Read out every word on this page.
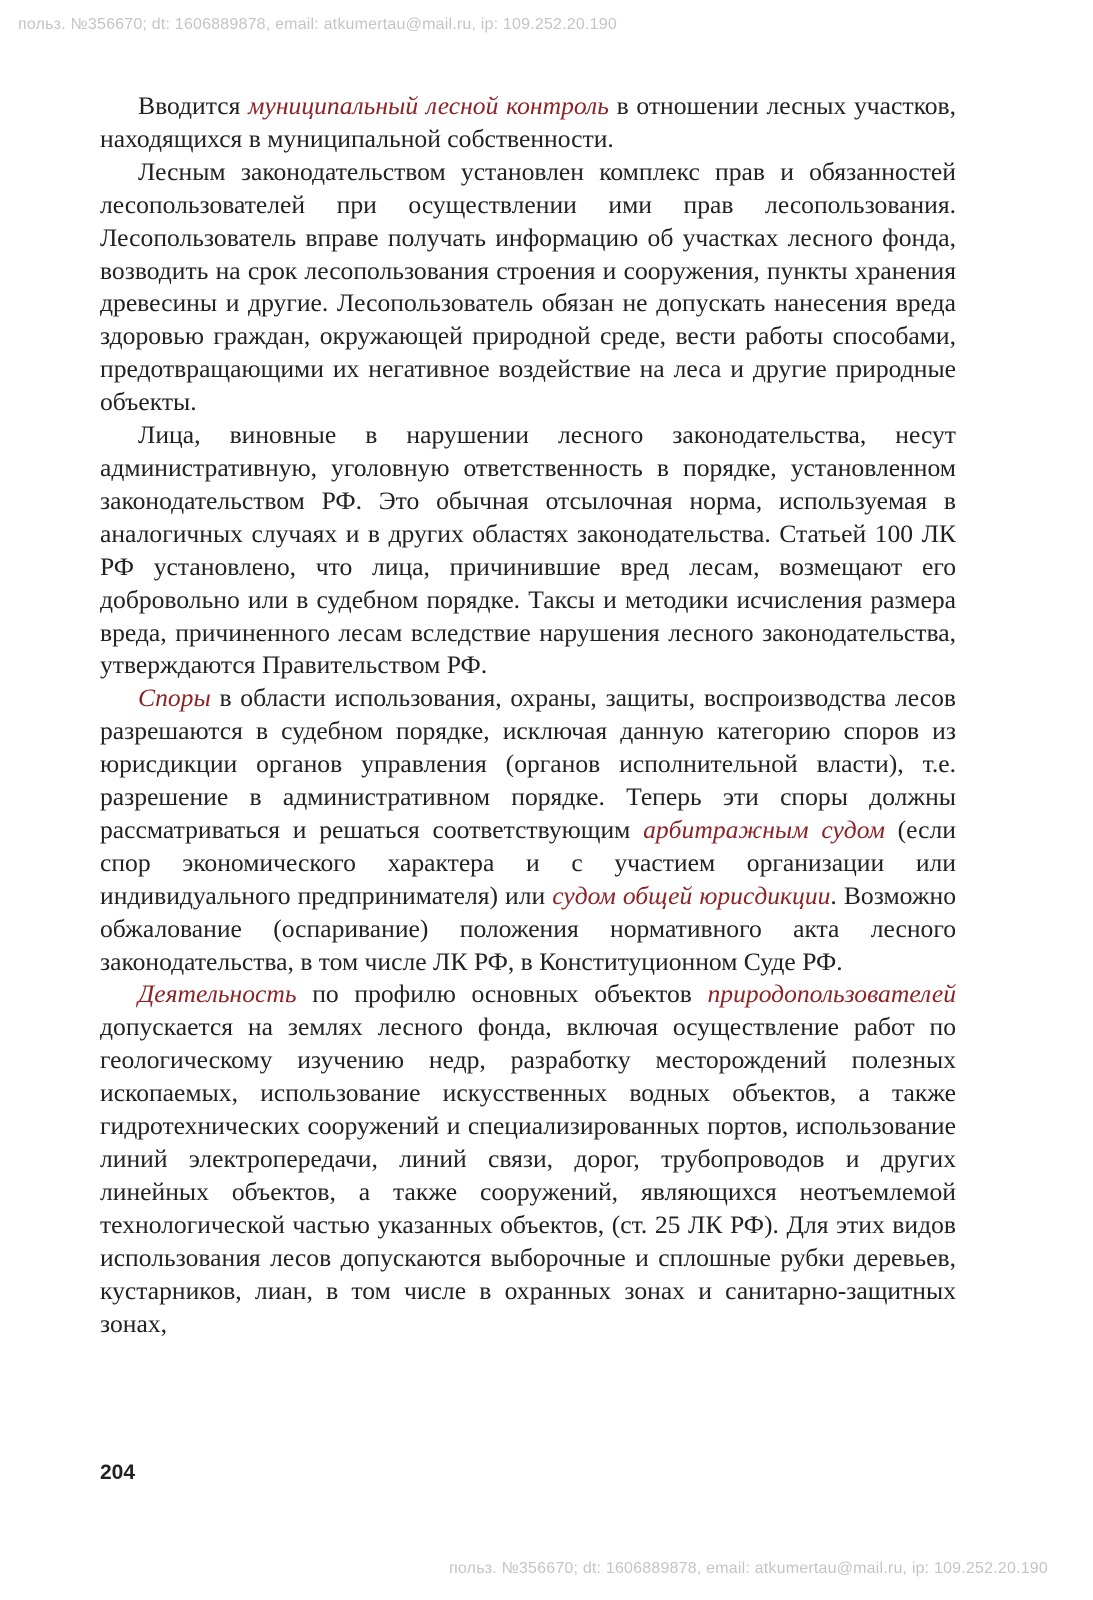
польз. №356670; dt: 1606889878, email: atkumertau@mail.ru, ip: 109.252.20.190

Вводится муниципальный лесной контроль в отношении лесных участков, находящихся в муниципальной собственности.

Лесным законодательством установлен комплекс прав и обязанностей лесопользователей при осуществлении ими прав лесопользования. Лесопользователь вправе получать информацию об участках лесного фонда, возводить на срок лесопользования строения и сооружения, пункты хранения древесины и другие. Лесопользователь обязан не допускать нанесения вреда здоровью граждан, окружающей природной среде, вести работы способами, предотвращающими их негативное воздействие на леса и другие природные объекты.

Лица, виновные в нарушении лесного законодательства, несут административную, уголовную ответственность в порядке, установленном законодательством РФ. Это обычная отсылочная норма, используемая в аналогичных случаях и в других областях законодательства. Статьей 100 ЛК РФ установлено, что лица, причинившие вред лесам, возмещают его добровольно или в судебном порядке. Таксы и методики исчисления размера вреда, причиненного лесам вследствие нарушения лесного законодательства, утверждаются Правительством РФ.

Споры в области использования, охраны, защиты, воспроизводства лесов разрешаются в судебном порядке, исключая данную категорию споров из юрисдикции органов управления (органов исполнительной власти), т.е. разрешение в административном порядке. Теперь эти споры должны рассматриваться и решаться соответствующим арбитражным судом (если спор экономического характера и с участием организации или индивидуального предпринимателя) или судом общей юрисдикции. Возможно обжалование (оспаривание) положения нормативного акта лесного законодательства, в том числе ЛК РФ, в Конституционном Суде РФ.

Деятельность по профилю основных объектов природопользователей допускается на землях лесного фонда, включая осуществление работ по геологическому изучению недр, разработку месторождений полезных ископаемых, использование искусственных водных объектов, а также гидротехнических сооружений и специализированных портов, использование линий электропередачи, линий связи, дорог, трубопроводов и других линейных объектов, а также сооружений, являющихся неотъемлемой технологической частью указанных объектов, (ст. 25 ЛК РФ). Для этих видов использования лесов допускаются выборочные и сплошные рубки деревьев, кустарников, лиан, в том числе в охранных зонах и санитарно-защитных зонах,

204
польз. №356670; dt: 1606889878, email: atkumertau@mail.ru, ip: 109.252.20.190
